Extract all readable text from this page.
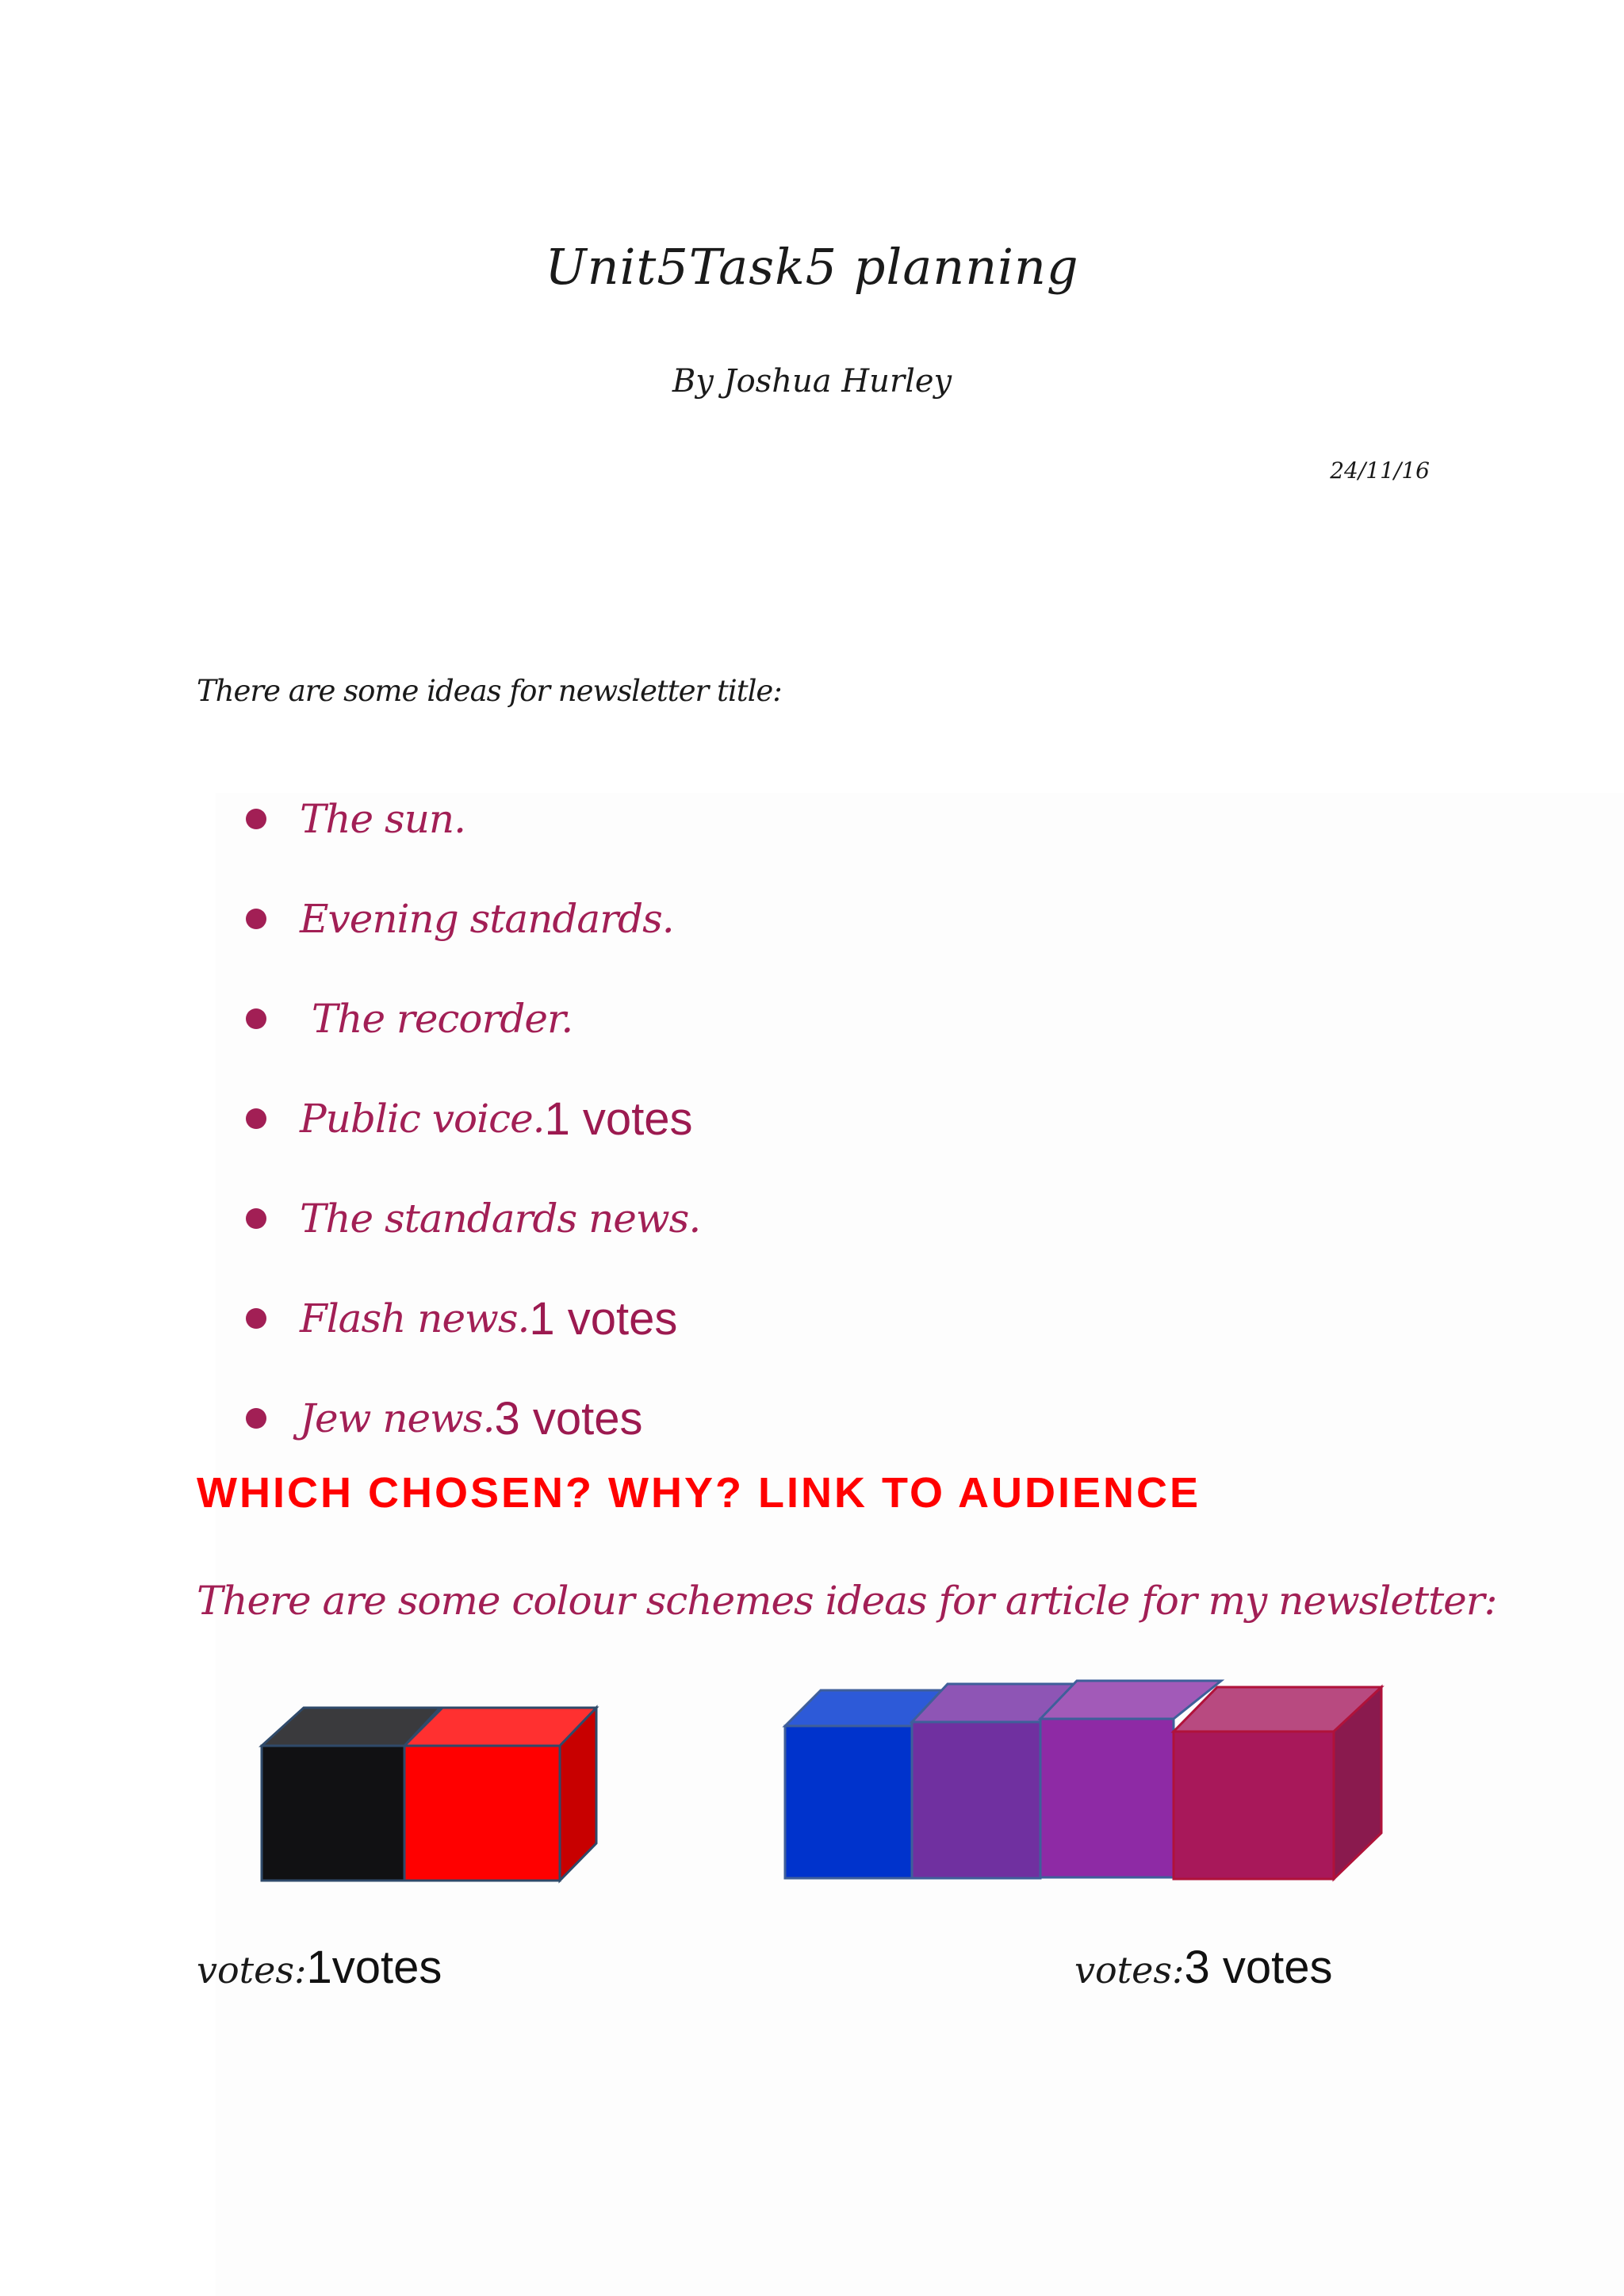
Unit5Task5 planning
By Joshua Hurley
24/11/16
There are some ideas for newsletter title:
The sun.
Evening standards.
The recorder.
Public voice. 1 votes
The standards news.
Flash news. 1 votes
Jew news. 3 votes
WHICH CHOSEN? WHY? LINK TO AUDIENCE
There are some colour schemes ideas for article for my newsletter:
votes:1votes	votes:3 votes
